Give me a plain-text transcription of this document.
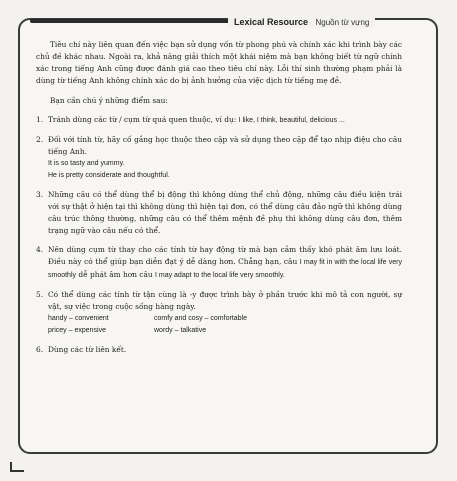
Lexical Resource Nguồn từ vựng

Tiêu chí này liên quan đến việc bạn sử dụng vốn từ phong phú và chính xác khi trình bày các chủ đề khác nhau. Ngoài ra, khả năng giải thích một khái niệm mà bạn không biết từ ngữ chính xác trong tiếng Anh cũng được đánh giá cao theo tiêu chí này. Lỗi thí sinh thường phạm phải là dùng từ tiếng Anh không chính xác do bị ảnh hưởng của việc dịch từ tiếng mẹ đẻ.

Bạn cần chú ý những điểm sau:

1. Tránh dùng các từ / cụm từ quá quen thuộc, ví dụ: I like, I think, beautiful, delicious ...
2. Đối với tính từ, hãy cố gắng học thuộc theo cặp và sử dụng theo cặp để tạo nhịp điệu cho câu tiếng Anh.
It is so tasty and yummy.
He is pretty considerate and thoughtful.
3. Những câu có thể dùng thể bị động thì không dùng thể chủ động, những câu điều kiện trái với sự thật ở hiện tại thì không dùng thì hiện tại đơn, có thể dùng câu đảo ngữ thì không dùng câu trúc thông thường, những câu có thể thêm mệnh đề phụ thì không dùng câu đơn, thêm trạng ngữ vào câu nếu có thể.
4. Nên dùng cụm từ thay cho các tính từ hay động từ mà bạn cảm thấy khó phát âm lưu loát. Điều này có thể giúp bạn diễn đạt ý dễ dàng hơn. Chẳng hạn, câu I may fit in with the local life very smoothly dễ phát âm hơn câu I may adapt to the local life very smoothly.
5. Có thể dùng các tính từ tận cùng là -y được trình bày ở phần trước khi mô tả con người, sự vật, sự việc trong cuộc sống hàng ngày.
handy – convenient	comfy and cosy – comfortable
pricey – expensive	wordy – talkative
6. Dùng các từ liên kết.
